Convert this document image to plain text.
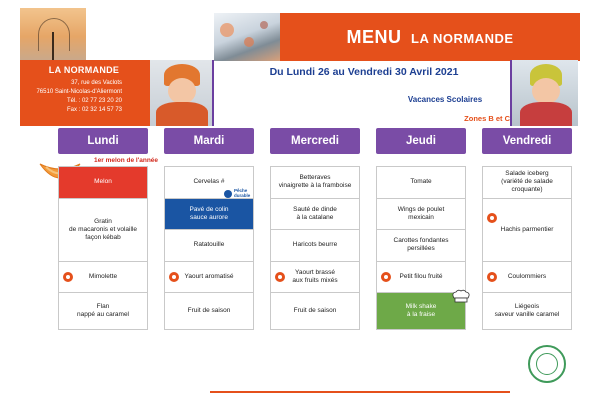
MENU LA NORMANDE
LA NORMANDE
37, rue des Vaclots
76510 Saint-Nicolas-d'Aliermont
Tél. : 02 77 23 20 20
Fax : 02 32 14 57 73
Du Lundi 26 au Vendredi 30 Avril 2021
Vacances Scolaires
Zones B et C
1er melon de l'année
Lundi
Melon
Gratin
de macaronis et volaille
façon kébab
Mimolette
Flan
nappé au caramel
Mardi
Cervelas #
Pavé de colin
sauce aurore
Ratatouille
Yaourt aromatisé
Fruit de saison
Pêche
durable
Mercredi
Betteraves
vinaigrette à la framboise
Sauté de dinde
à la catalane
Haricots beurre
Yaourt brassé
aux fruits mixés
Fruit de saison
Jeudi
Tomate
Wings de poulet
mexicain
Carottes fondantes
persillées
Petit filou fruité
Milk shake
à la fraise
Vendredi
Salade iceberg
(variété de salade
croquante)
Hachis parmentier
Coulommiers
Liégeois
saveur vanille caramel
